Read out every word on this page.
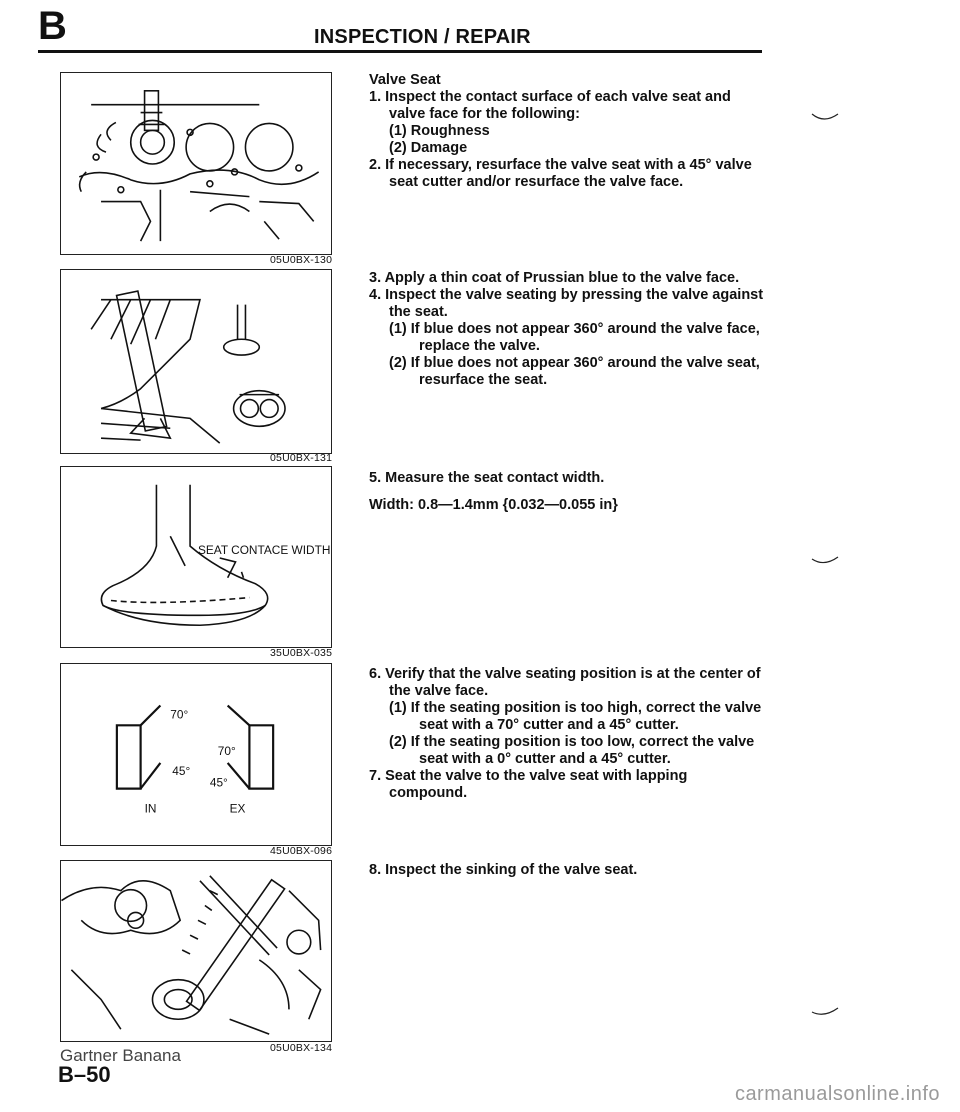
B	INSPECTION / REPAIR
05U0BX-130
05U0BX-131
SEAT CONTACE WIDTH
35U0BX-035
70°
45°
70°
45°
IN	EX
45U0BX-096
05U0BX-134

Valve Seat

1. Inspect the contact surface of each valve seat and valve face for the following:

(1) Roughness

(2) Damage

2. If necessary, resurface the valve seat with a 45° valve seat cutter and/or resurface the valve face.

3. Apply a thin coat of Prussian blue to the valve face.

4. Inspect the valve seating by pressing the valve against the seat.

(1) If blue does not appear 360° around the valve face, replace the valve.

(2) If blue does not appear 360° around the valve seat, resurface the seat.

5. Measure the seat contact width.

Width: 0.8—1.4mm {0.032—0.055 in}

6. Verify that the valve seating position is at the center of the valve face.

(1) If the seating position is too high, correct the valve seat with a 70° cutter and a 45° cutter.

(2) If the seating position is too low, correct the valve seat with a 0° cutter and a 45° cutter.

7. Seat the valve to the valve seat with lapping compound.

8. Inspect the sinking of the valve seat.

Gartner Banana
B–50
carmanualsonline.info
